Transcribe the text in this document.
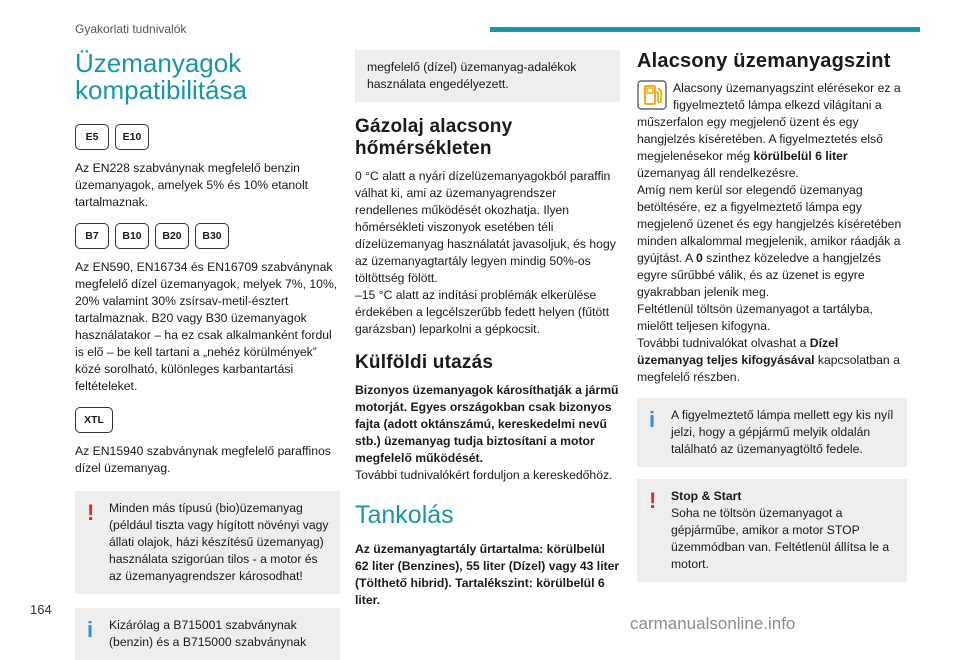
Gyakorlati tudnivalók
Üzemanyagok kompatibilitása
E5	E10

Az EN228 szabványnak megfelelő benzin üzemanyagok, amelyek 5% és 10% etanolt tartalmaznak.

B7	B10	B20	B30

Az EN590, EN16734 és EN16709 szabványnak megfelelő dízel üzemanyagok, melyek 7%, 10%, 20% valamint 30% zsírsav-metil-észtert tartalmaznak. B20 vagy B30 üzemanyagok használatakor – ha ez csak alkalmanként fordul is elő – be kell tartani a „nehéz körülmények” közé sorolható, különleges karbantartási feltételeket.

XTL

Az EN15940 szabványnak megfelelő paraffinos dízel üzemanyag.

! Minden más típusú (bio)üzemanyag (például tiszta vagy hígított növényi vagy állati olajok, házi készítésű üzemanyag) használata szigorúan tilos - a motor és az üzemanyagrendszer károsodhat!

i Kizárólag a B715001 szabványnak (benzin) és a B715000 szabványnak

megfelelő (dízel) üzemanyag-adalékok használata engedélyezett.

Gázolaj alacsony hőmérsékleten

0 °C alatt a nyári dízelüzemanyagokból paraffin válhat ki, ami az üzemanyagrendszer rendellenes működését okozhatja. Ilyen hőmérsékleti viszonyok esetében téli dízelüzemanyag használatát javasoljuk, és hogy az üzemanyagtartály legyen mindig 50%-os töltöttség fölött.

–15 °C alatt az indítási problémák elkerülése érdekében a legcélszerűbb fedett helyen (fűtött garázsban) leparkolni a gépkocsit.

Külföldi utazás

Bizonyos üzemanyagok károsíthatják a jármű motorját. Egyes országokban csak bizonyos fajta (adott oktánszámú, kereskedelmi nevű stb.) üzemanyag tudja biztosítani a motor megfelelő működését.

További tudnivalókért forduljon a kereskedőhöz.

Tankolás

Az üzemanyagtartály űrtartalma: körülbelül 62 liter (Benzines), 55 liter (Dízel) vagy 43 liter (Tölthető hibrid). Tartalékszint: körülbelül 6 liter.

Alacsony üzemanyagszint

Alacsony üzemanyagszint elérésekor ez a figyelmeztető lámpa elkezd világítani a műszerfalon egy megjelenő üzent és egy hangjelzés kíséretében. A figyelmeztetés első megjelenésekor még körülbelül 6 liter üzemanyag áll rendelkezésre.

Amíg nem kerül sor elegendő üzemanyag betöltésére, ez a figyelmeztető lámpa egy megjelenő üzenet és egy hangjelzés kíséretében minden alkalommal megjelenik, amikor ráadják a gyújtást. A 0 szinthez közeledve a hangjelzés egyre sűrűbbé válik, és az üzenet is egyre gyakrabban jelenik meg.

Feltétlenül töltsön üzemanyagot a tartályba, mielőtt teljesen kifogyna.

További tudnivalókat olvashat a Dízel üzemanyag teljes kifogyásával kapcsolatban a megfelelő részben.

i A figyelmeztető lámpa mellett egy kis nyíl jelzi, hogy a gépjármű melyik oldalán található az üzemanyagtöltő fedele.

! Stop & Start

Soha ne töltsön üzemanyagot a gépjárműbe, amikor a motor STOP üzemmódban van. Feltétlenül állítsa le a motort.

164
carmanualsonline.info
